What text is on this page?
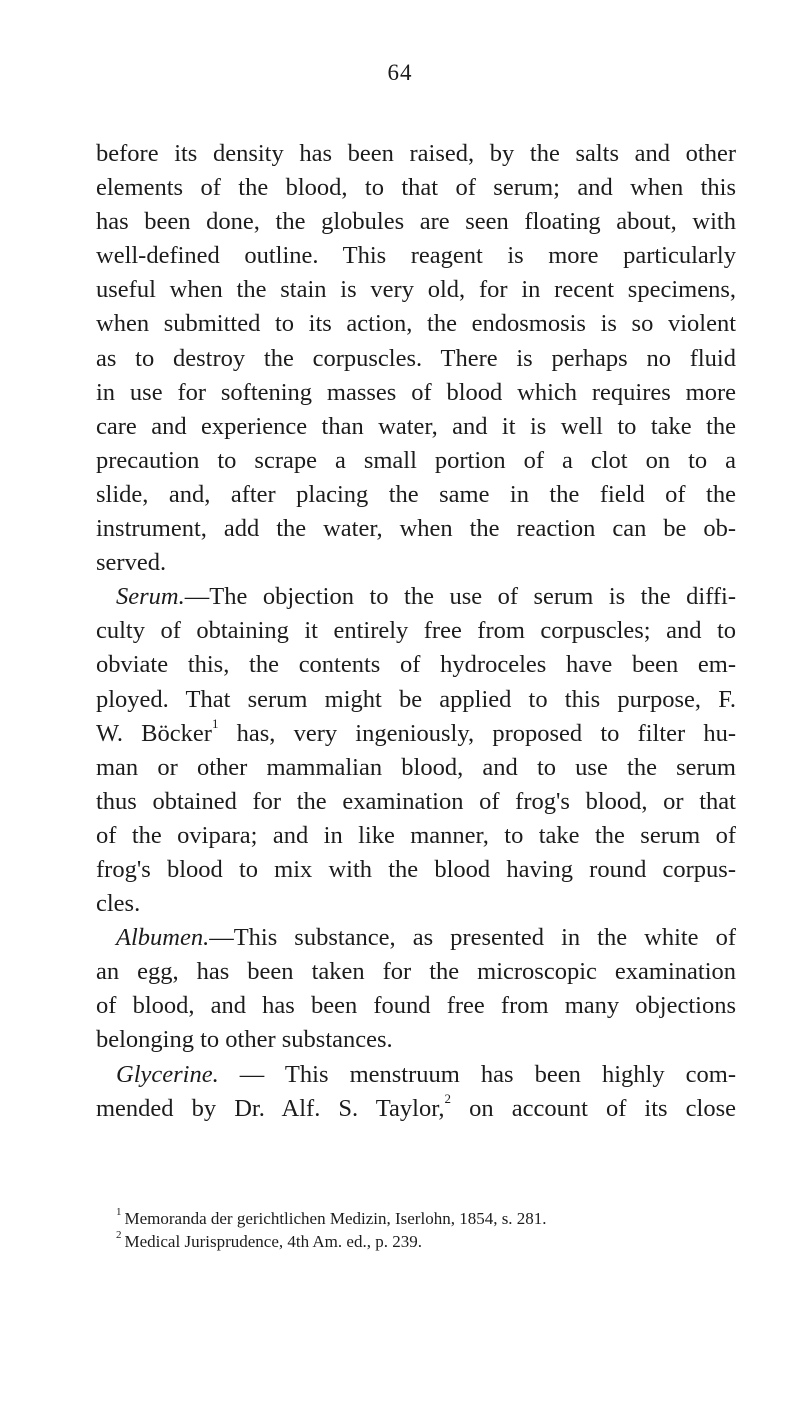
64
before its density has been raised, by the salts and other
elements of the blood, to that of serum; and when this
has been done, the globules are seen floating about, with
well-defined outline. This reagent is more particularly
useful when the stain is very old, for in recent specimens,
when submitted to its action, the endosmosis is so violent
as to destroy the corpuscles. There is perhaps no fluid
in use for softening masses of blood which requires more
care and experience than water, and it is well to take the
precaution to scrape a small portion of a clot on to a
slide, and, after placing the same in the field of the
instrument, add the water, when the reaction can be ob-
served.
Serum.—The objection to the use of serum is the diffi-
culty of obtaining it entirely free from corpuscles; and to
obviate this, the contents of hydroceles have been em-
ployed. That serum might be applied to this purpose, F.
W. Böcker$^1$ has, very ingeniously, proposed to filter hu-
man or other mammalian blood, and to use the serum
thus obtained for the examination of frog's blood, or that
of the ovipara; and in like manner, to take the serum of
frog's blood to mix with the blood having round corpus-
cles.
Albumen.—This substance, as presented in the white of
an egg, has been taken for the microscopic examination
of blood, and has been found free from many objections
belonging to other substances.
Glycerine. — This menstruum has been highly com-
mended by Dr. Alf. S. Taylor,$^2$ on account of its close
$^1$ Memoranda der gerichtlichen Medizin, Iserlohn, 1854, s. 281.
$^2$ Medical Jurisprudence, 4th Am. ed., p. 239.
